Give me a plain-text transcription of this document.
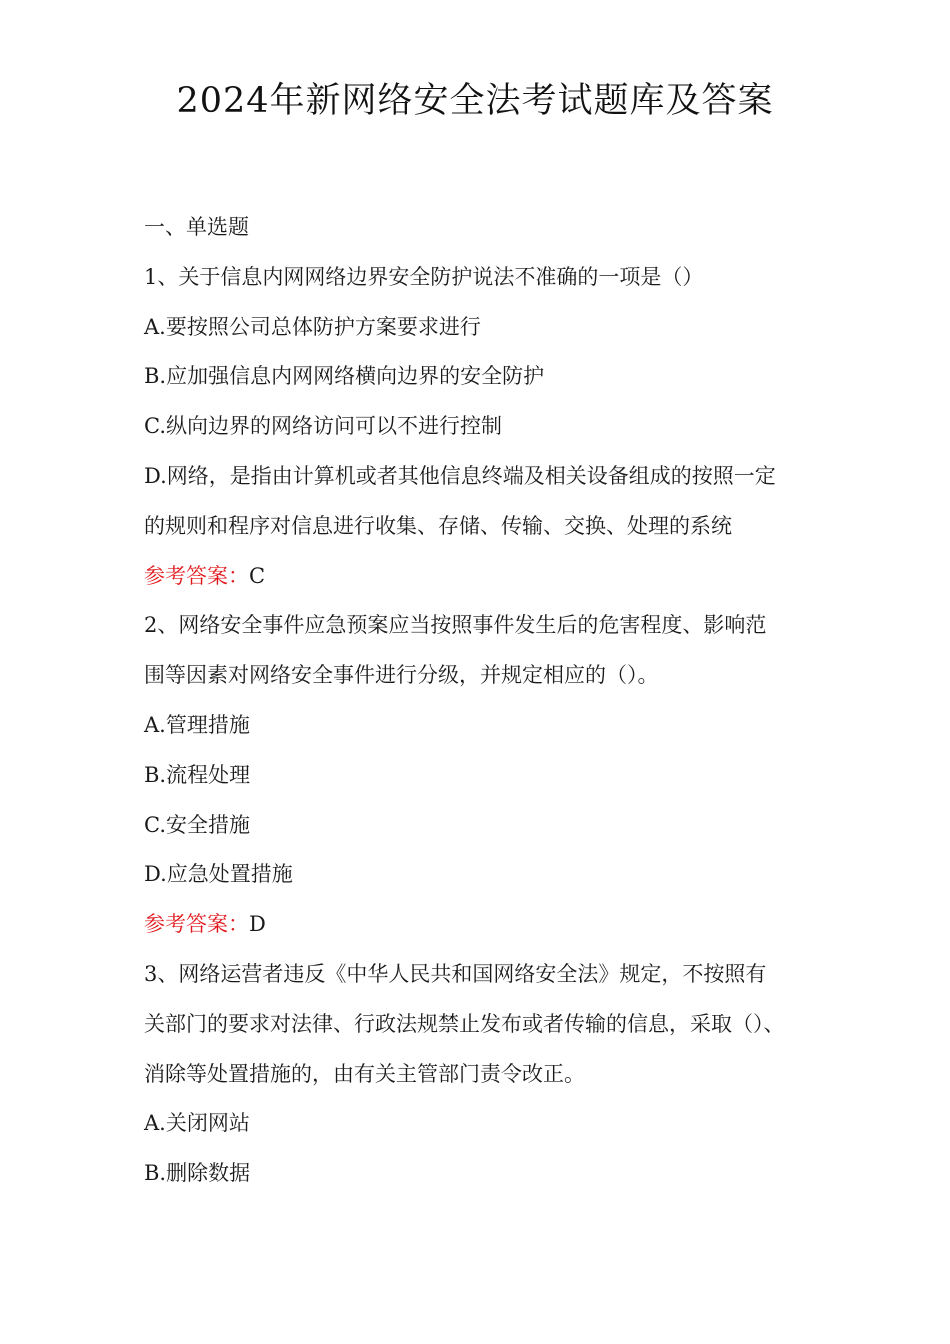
2024年新网络安全法考试题库及答案

一、单选题

1、关于信息内网网络边界安全防护说法不准确的一项是（）

A.要按照公司总体防护方案要求进行

B.应加强信息内网网络横向边界的安全防护

C.纵向边界的网络访问可以不进行控制

D.网络，是指由计算机或者其他信息终端及相关设备组成的按照一定

的规则和程序对信息进行收集、存储、传输、交换、处理的系统

参考答案：C

2、网络安全事件应急预案应当按照事件发生后的危害程度、影响范

围等因素对网络安全事件进行分级，并规定相应的（）。

A.管理措施

B.流程处理

C.安全措施

D.应急处置措施

参考答案：D

3、网络运营者违反《中华人民共和国网络安全法》规定，不按照有

关部门的要求对法律、行政法规禁止发布或者传输的信息，采取（）、

消除等处置措施的，由有关主管部门责令改正。

A.关闭网站

B.删除数据
